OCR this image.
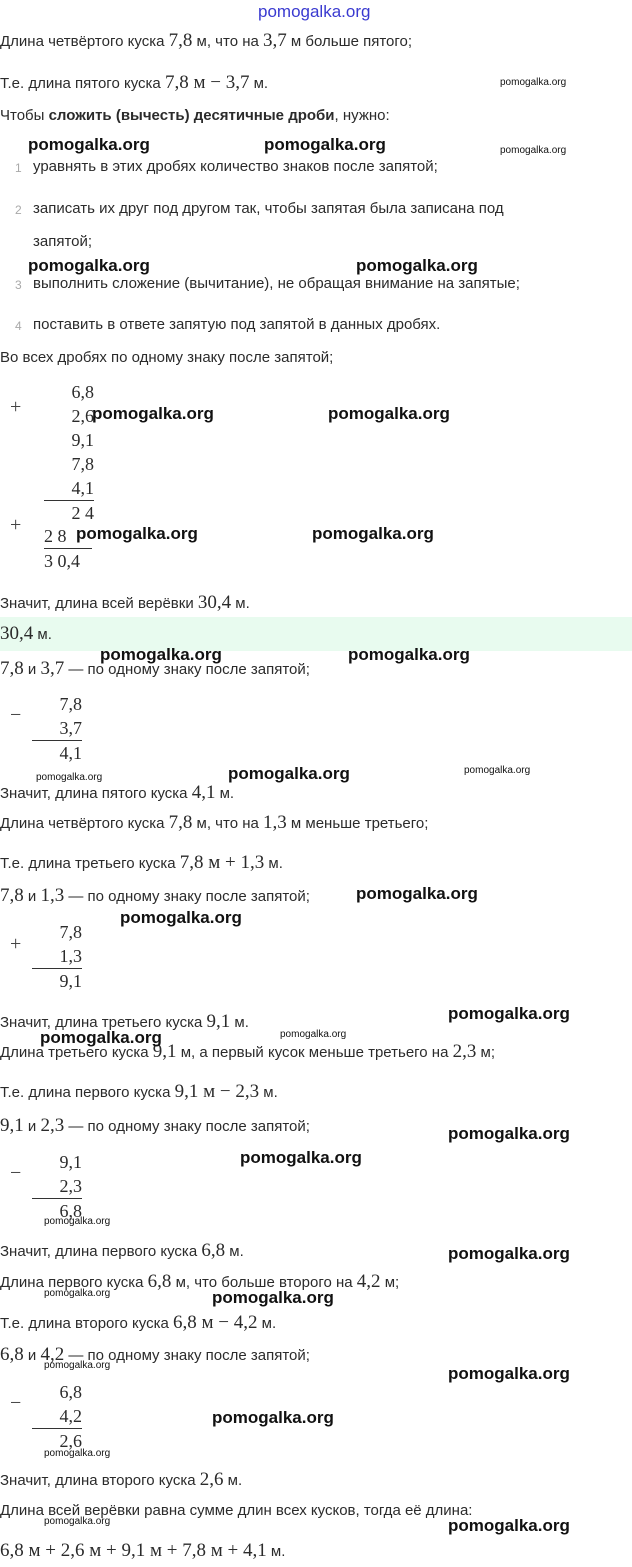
pomogalka.org
Длина четвёртого куска 7,8 м, что на 3,7 м больше пятого;
Т.е. длина пятого куска 7,8 м − 3,7 м.
Чтобы сложить (вычесть) десятичные дроби, нужно:
1 уравнять в этих дробях количество знаков после запятой;
2 записать их друг под другом так, чтобы запятая была записана под
запятой;
3 выполнить сложение (вычитание), не обращая внимание на запятые;
4 поставить в ответе запятую под запятой в данных дробях.
Во всех дробях по одному знаку после запятой;
+
6,8
2,6
9,1
7,8
4,1
2 4
+ 2 8
3 0,4
Значит, длина всей верёвки 30,4 м.
30,4 м.
7,8 и 3,7 — по одному знаку после запятой;
−	7,8
3,7
4,1
Значит, длина пятого куска 4,1 м.
Длина четвёртого куска 7,8 м, что на 1,3 м меньше третьего;
Т.е. длина третьего куска 7,8 м + 1,3 м.
7,8 и 1,3 — по одному знаку после запятой;
+
7,8
1,3
9,1
Значит, длина третьего куска 9,1 м.
Длина третьего куска 9,1 м, а первый кусок меньше третьего на 2,3 м;
Т.е. длина первого куска 9,1 м − 2,3 м.
9,1 и 2,3 — по одному знаку после запятой;
−	9,1
2,3
6,8
Значит, длина первого куска 6,8 м.
Длина первого куска 6,8 м, что больше второго на 4,2 м;
Т.е. длина второго куска 6,8 м − 4,2 м.
6,8 и 4,2 — по одному знаку после запятой;
−	6,8
4,2
2,6
Значит, длина второго куска 2,6 м.
Длина всей верёвки равна сумме длин всех кусков, тогда её длина:
6,8 м + 2,6 м + 9,1 м + 7,8 м + 4,1 м.
pomogalka.org	pomogalka.org
pomogalka.org	pomogalka.org
pomogalka.org	pomogalka.org
pomogalka.org	pomogalka.org
pomogalka.org	pomogalka.org
pomogalka.org
pomogalka.org
pomogalka.org
pomogalka.org
pomogalka.org
pomogalka.org
pomogalka.org
pomogalka.org
pomogalka.org
pomogalka.org
pomogalka.org
pomogalka.org
pomogalka.org
pomogalka.org
pomogalka.org
pomogalka.org
pomogalka.org
pomogalka.org
pomogalka.org
pomogalka.org
pomogalka.org
pomogalka.org
